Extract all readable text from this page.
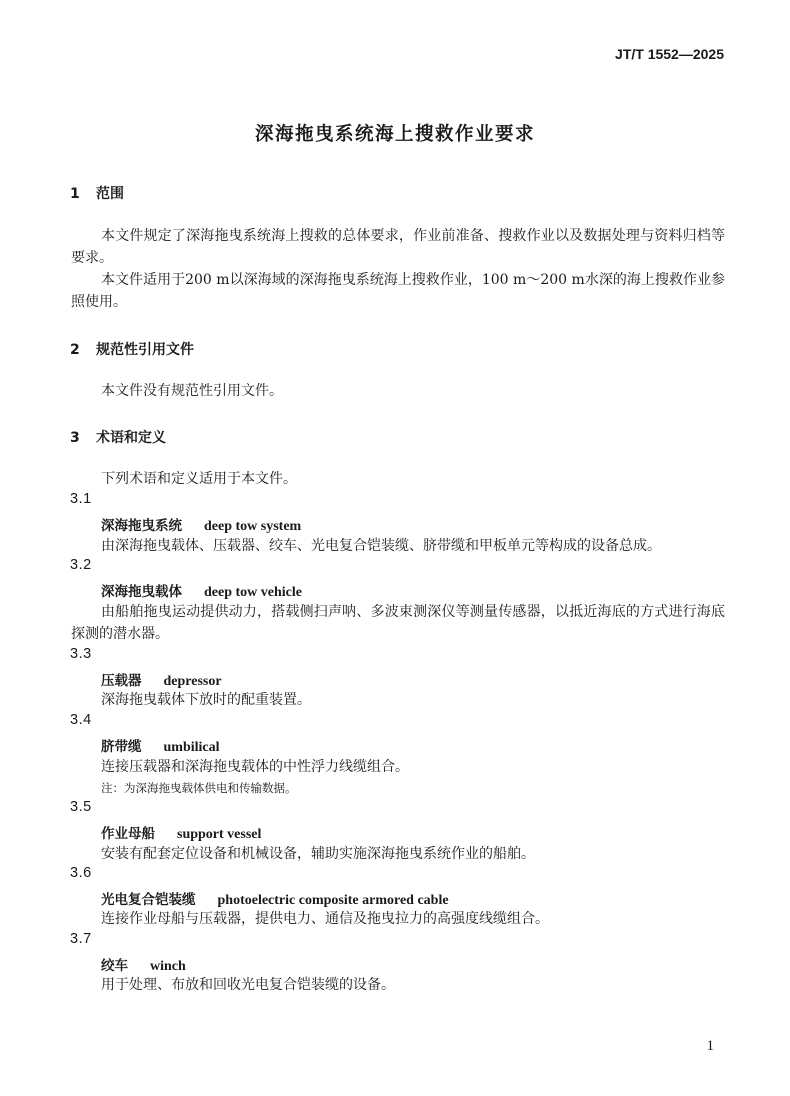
JT/T 1552—2025
深海拖曳系统海上搜救作业要求
1 范围
本文件规定了深海拖曳系统海上搜救的总体要求，作业前准备、搜救作业以及数据处理与资料归档等要求。
本文件适用于200 m以深海域的深海拖曳系统海上搜救作业，100 m～200 m水深的海上搜救作业参照使用。
2 规范性引用文件
本文件没有规范性引用文件。
3 术语和定义
下列术语和定义适用于本文件。
3.1
深海拖曳系统 deep tow system
由深海拖曳载体、压载器、绞车、光电复合铠装缆、脐带缆和甲板单元等构成的设备总成。
3.2
深海拖曳载体 deep tow vehicle
由船舶拖曳运动提供动力，搭载侧扫声呐、多波束测深仪等测量传感器，以抵近海底的方式进行海底探测的潜水器。
3.3
压载器 depressor
深海拖曳载体下放时的配重装置。
3.4
脐带缆 umbilical
连接压载器和深海拖曳载体的中性浮力线缆组合。
注：为深海拖曳载体供电和传输数据。
3.5
作业母船 support vessel
安装有配套定位设备和机械设备，辅助实施深海拖曳系统作业的船舶。
3.6
光电复合铠装缆 photoelectric composite armored cable
连接作业母船与压载器，提供电力、通信及拖曳拉力的高强度线缆组合。
3.7
绞车 winch
用于处理、布放和回收光电复合铠装缆的设备。
1
